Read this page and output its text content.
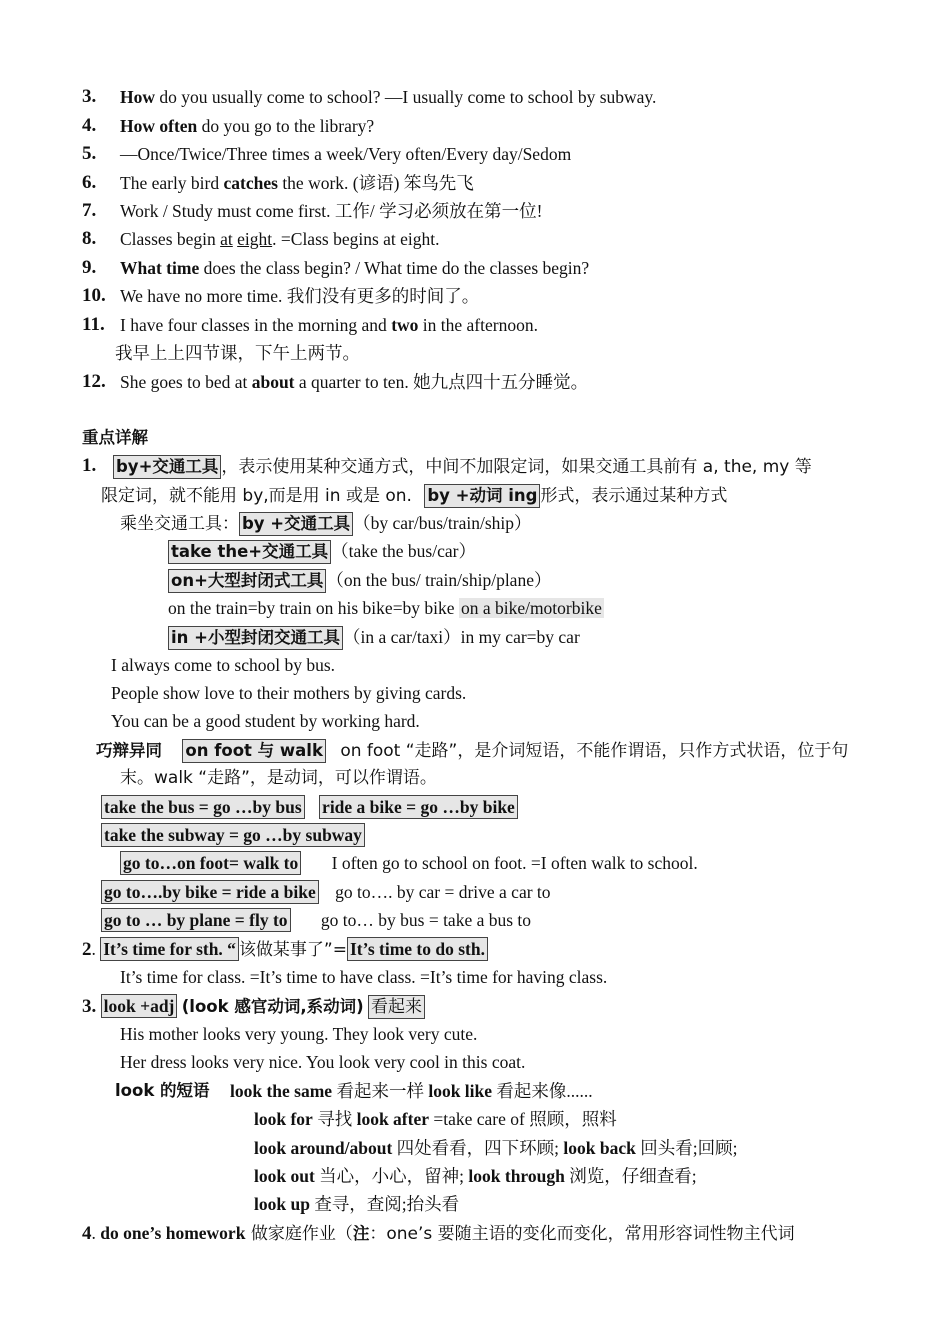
3. How do you usually come to school? —I usually come to school by subway.
4. How often do you go to the library?
5. —Once/Twice/Three times a week/Very often/Every day/Sedom
6. The early bird catches the work. (谚语) 笨鸟先飞
7. Work / Study must come first. 工作/ 学习必须放在第一位!
8. Classes begin at eight. =Class begins at eight.
9. What time does the class begin? / What time do the classes begin?
10. We have no more time. 我们没有更多的时间了。
11. I have four classes in the morning and two in the afternoon.
我早上上四节课，下午上两节。
12. She goes to bed at about a quarter to ten. 她九点四十五分睡觉。
重点详解
1. by+交通工具 ，表示使用某种交通方式，中间不加限定词，如果交通工具前有 a, the, my 等
限定词，就不能用 by,而是用 in 或是 on. by +动词 ing 形式，表示通过某种方式
乘坐交通工具： by +交通工具 （by car/bus/train/ship）
take the+交通工具 （take the bus/car）
on+大型封闭式工具 （on the bus/ train/ship/plane）
on the train=by train on his bike=by bike on a bike/motorbike
in +小型封闭交通工具 （in a car/taxi）in my car=by car
I always come to school by bus.
People show love to their mothers by giving cards.
You can be a good student by working hard.
巧辩异同 on foot 与 walk on foot “走路”，是介词短语，不能作谓语，只作方式状语，位于句
末。walk “走路”，是动词，可以作谓语。
take the bus = go …by bus ride a bike = go …by bike
take the subway = go …by subway
go to…on foot= walk to I often go to school on foot. =I often walk to school.
go to….by bike = ride a bike go to…. by car = drive a car to
go to … by plane = fly to go to… by bus = take a bus to
2. It’s time for sth. “ 该做某事了”= It’s time to do sth.
It’s time for class. =It’s time to have class. =It’s time for having class.
3. look +adj (look 感官动词,系动词) 看起来
His mother looks very young. They look very cute.
Her dress looks very nice. You look very cool in this coat.
look 的短语 look the same 看起来一样 look like 看起来像......
look for 寻找 look after =take care of 照顾，照料
look around/about 四处看看，四下环顾; look back 回头看;回顾;
look out 当心，小心，留神; look through 浏览，仔细查看;
look up 查寻，查阅;抬头看
4. do one’s homework 做家庭作业（注：one’s 要随主语的变化而变化，常用形容词性物主代词
